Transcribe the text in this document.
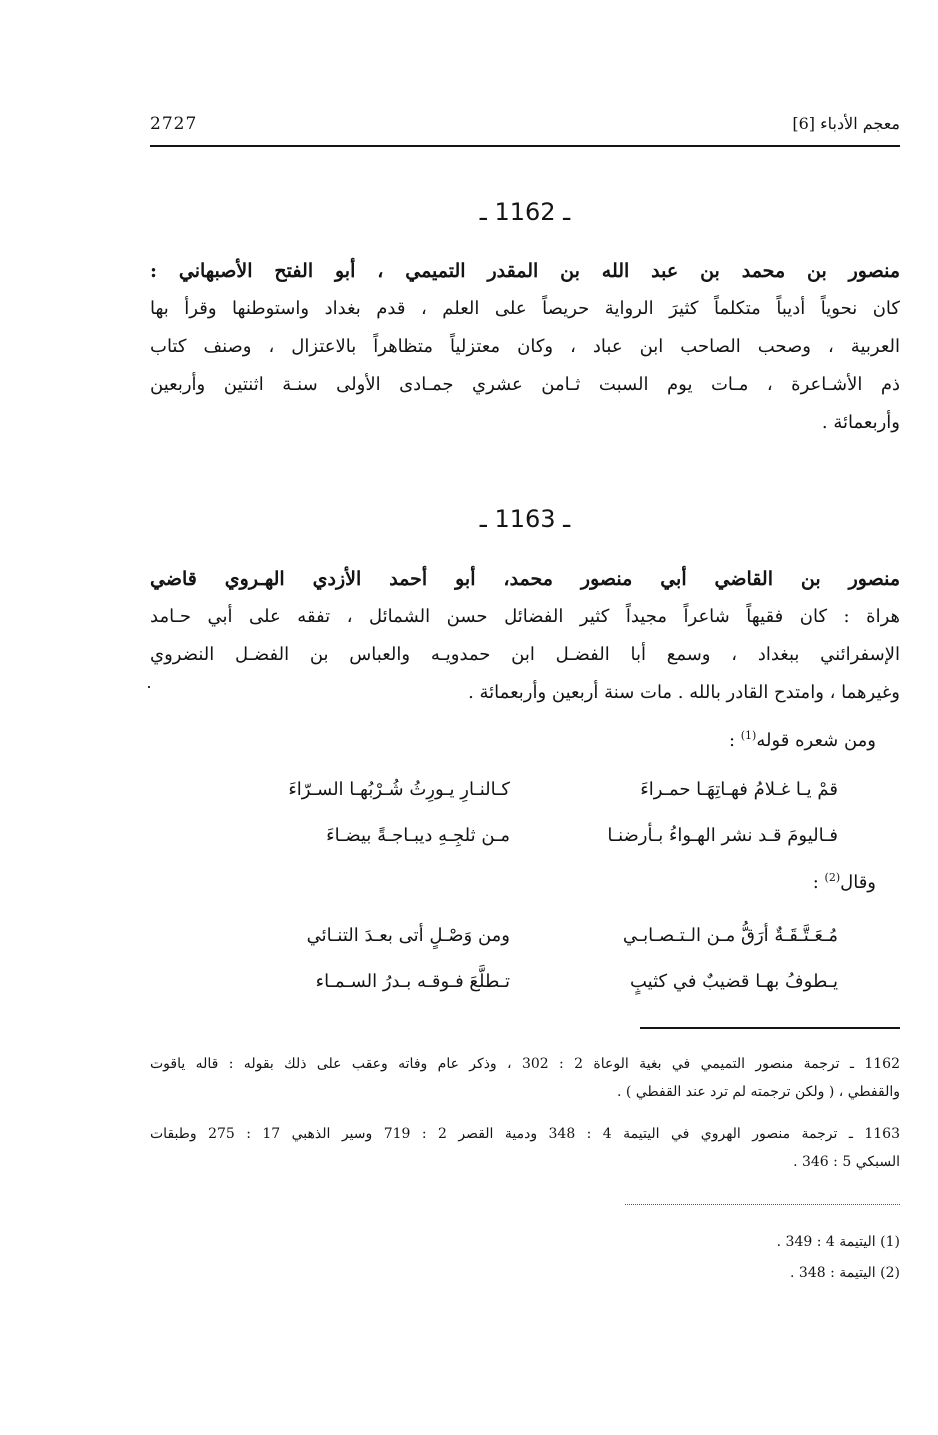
2727	معجم الأدباء [6]
ـ 1162 ـ
منصور بن محمد بن عبد الله بن المقدر التميمي ، أبو الفتح الأصبهاني :
كان نحوياً أديباً متكلماً كثيرَ الرواية حريصاً على العلم ، قدم بغداد واستوطنها وقرأ بها
العربية ، وصحب الصاحب ابن عباد ، وكان معتزلياً متظاهراً بالاعتزال ، وصنف كتاب
ذم الأشـاعرة ، مـات يوم السبت ثـامن عشري جمـادى الأولى سنـة اثنتين وأربعين
وأربعمائة .
ـ 1163 ـ
منصور بن القاضي أبي منصور محمد، أبو أحمد الأزدي الهـروي قاضي
هراة : كان فقيهاً شاعراً مجيداً كثير الفضائل حسن الشمائل ، تفقه على أبي حـامد
الإسفرائني ببغداد ، وسمع أبا الفضـل ابن حمدويـه والعباس بن الفضـل النضروي
وغيرهما ، وامتدح القادر بالله . مات سنة أربعين وأربعمائة .
ومن شعره قوله$^{(1)}$ :
قمْ يـا غـلامُ فهـاتِهَـا حمـراءَ
كـالنـارِ يـورِثُ شُـرْبُهـا السـرّاءَ
فـاليومَ قـد نشر الهـواءُ بـأرضنـا
مـن ثلجِـهِ ديبـاجـةً بيضـاءَ
وقال$^{(2)}$ :
مُـعَـتَّـقَـةٌ أرَقُّ مـن الـتـصـابـي
ومن وَصْـلٍ أتى بعـدَ التنـائي
يـطوفُ بهـا قضيبٌ في كثيبٍ
تـطلَّعَ فـوقـه بـدرُ السـمـاء
1162 ـ ترجمة منصور التميمي في بغية الوعاة 2 : 302 ، وذكر عام وفاته وعقب على ذلك بقوله : قاله ياقوت
والقفطي ، ( ولكن ترجمته لم ترد عند القفطي ) .
1163 ـ ترجمة منصور الهروي في اليتيمة 4 : 348 ودمية القصر 2 : 719 وسير الذهبي 17 : 275 وطبقات
السبكي 5 : 346 .
(1) اليتيمة 4 : 349 .
(2) اليتيمة : 348 .
